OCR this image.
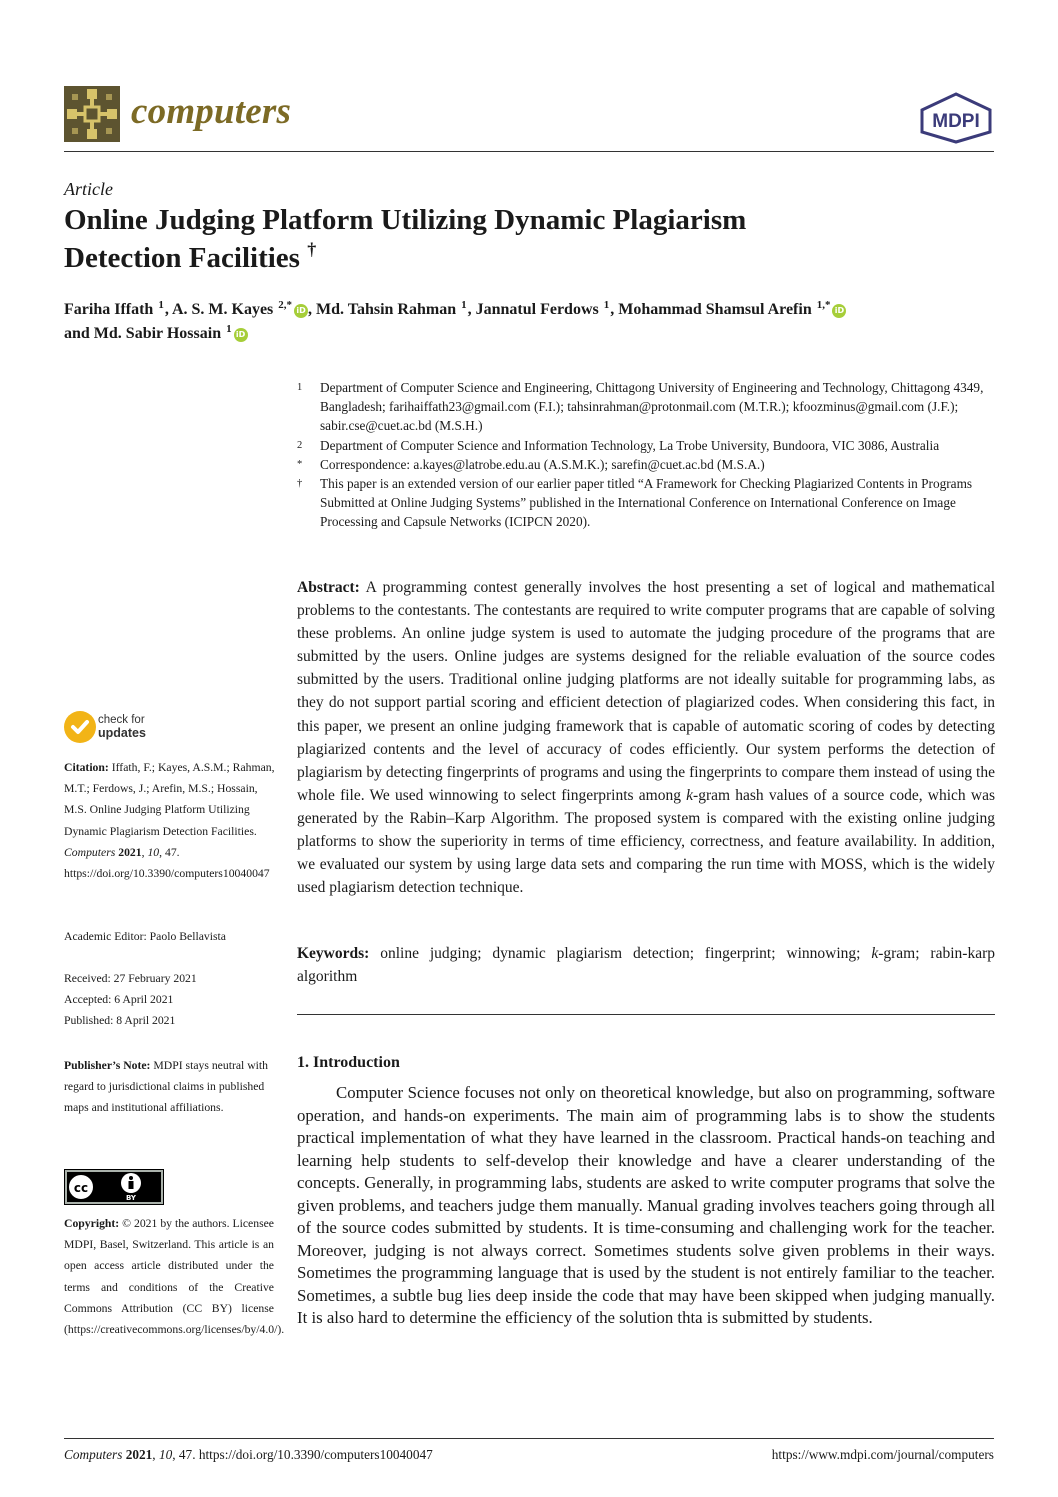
computers	MDPI
Article
Online Judging Platform Utilizing Dynamic Plagiarism
Detection Facilities †
Fariha Iffath $^1$, A. S. M. Kayes $^{2,*}$ iD , Md. Tahsin Rahman $^1$, Jannatul Ferdows $^1$, Mohammad Shamsul Arefin $^{1,*}$ iD
and Md. Sabir Hossain $^1$ iD
1 Department of Computer Science and Engineering, Chittagong University of Engineering and Technology, Chittagong 4349, Bangladesh; farihaiffath23@gmail.com (F.I.); tahsinrahman@protonmail.com (M.T.R.); kfoozminus@gmail.com (J.F.); sabir.cse@cuet.ac.bd (M.S.H.)
2 Department of Computer Science and Information Technology, La Trobe University, Bundoora, VIC 3086, Australia
* Correspondence: a.kayes@latrobe.edu.au (A.S.M.K.); sarefin@cuet.ac.bd (M.S.A.)
† This paper is an extended version of our earlier paper titled “A Framework for Checking Plagiarized Contents in Programs Submitted at Online Judging Systems” published in the International Conference on International Conference on Image Processing and Capsule Networks (ICIPCN 2020).
Abstract: A programming contest generally involves the host presenting a set of logical and mathematical problems to the contestants. The contestants are required to write computer programs that are capable of solving these problems. An online judge system is used to automate the judging procedure of the programs that are submitted by the users. Online judges are systems designed for the reliable evaluation of the source codes submitted by the users. Traditional online judging platforms are not ideally suitable for programming labs, as they do not support partial scoring and efficient detection of plagiarized codes. When considering this fact, in this paper, we present an online judging framework that is capable of automatic scoring of codes by detecting plagiarized contents and the level of accuracy of codes efficiently. Our system performs the detection of plagiarism by detecting fingerprints of programs and using the fingerprints to compare them instead of using the whole file. We used winnowing to select fingerprints among k-gram hash values of a source code, which was generated by the Rabin–Karp Algorithm. The proposed system is compared with the existing online judging platforms to show the superiority in terms of time efficiency, correctness, and feature availability. In addition, we evaluated our system by using large data sets and comparing the run time with MOSS, which is the widely used plagiarism detection technique.
Keywords: online judging; dynamic plagiarism detection; fingerprint; winnowing; k-gram; rabin-karp algorithm
1. Introduction
Computer Science focuses not only on theoretical knowledge, but also on programming, software operation, and hands-on experiments. The main aim of programming labs is to show the students practical implementation of what they have learned in the classroom. Practical hands-on teaching and learning help students to self-develop their knowledge and have a clearer understanding of the concepts. Generally, in programming labs, students are asked to write computer programs that solve the given problems, and teachers judge them manually. Manual grading involves teachers going through all of the source codes submitted by students. It is time-consuming and challenging work for the teacher. Moreover, judging is not always correct. Sometimes students solve given problems in their ways. Sometimes the programming language that is used by the student is not entirely familiar to the teacher. Sometimes, a subtle bug lies deep inside the code that may have been skipped when judging manually. It is also hard to determine the efficiency of the solution thta is submitted by students.
check for
updates
Citation: Iffath, F.; Kayes, A.S.M.; Rahman, M.T.; Ferdows, J.; Arefin, M.S.; Hossain, M.S. Online Judging Platform Utilizing Dynamic Plagiarism Detection Facilities. Computers 2021, 10, 47. https://doi.org/10.3390/computers10040047
Academic Editor: Paolo Bellavista
Received: 27 February 2021
Accepted: 6 April 2021
Published: 8 April 2021
Publisher’s Note: MDPI stays neutral with regard to jurisdictional claims in published maps and institutional affiliations.
cc
BY
Copyright: © 2021 by the authors. Licensee MDPI, Basel, Switzerland. This article is an open access article distributed under the terms and conditions of the Creative Commons Attribution (CC BY) license (https://creativecommons.org/licenses/by/4.0/).
Computers 2021, 10, 47. https://doi.org/10.3390/computers10040047	https://www.mdpi.com/journal/computers
